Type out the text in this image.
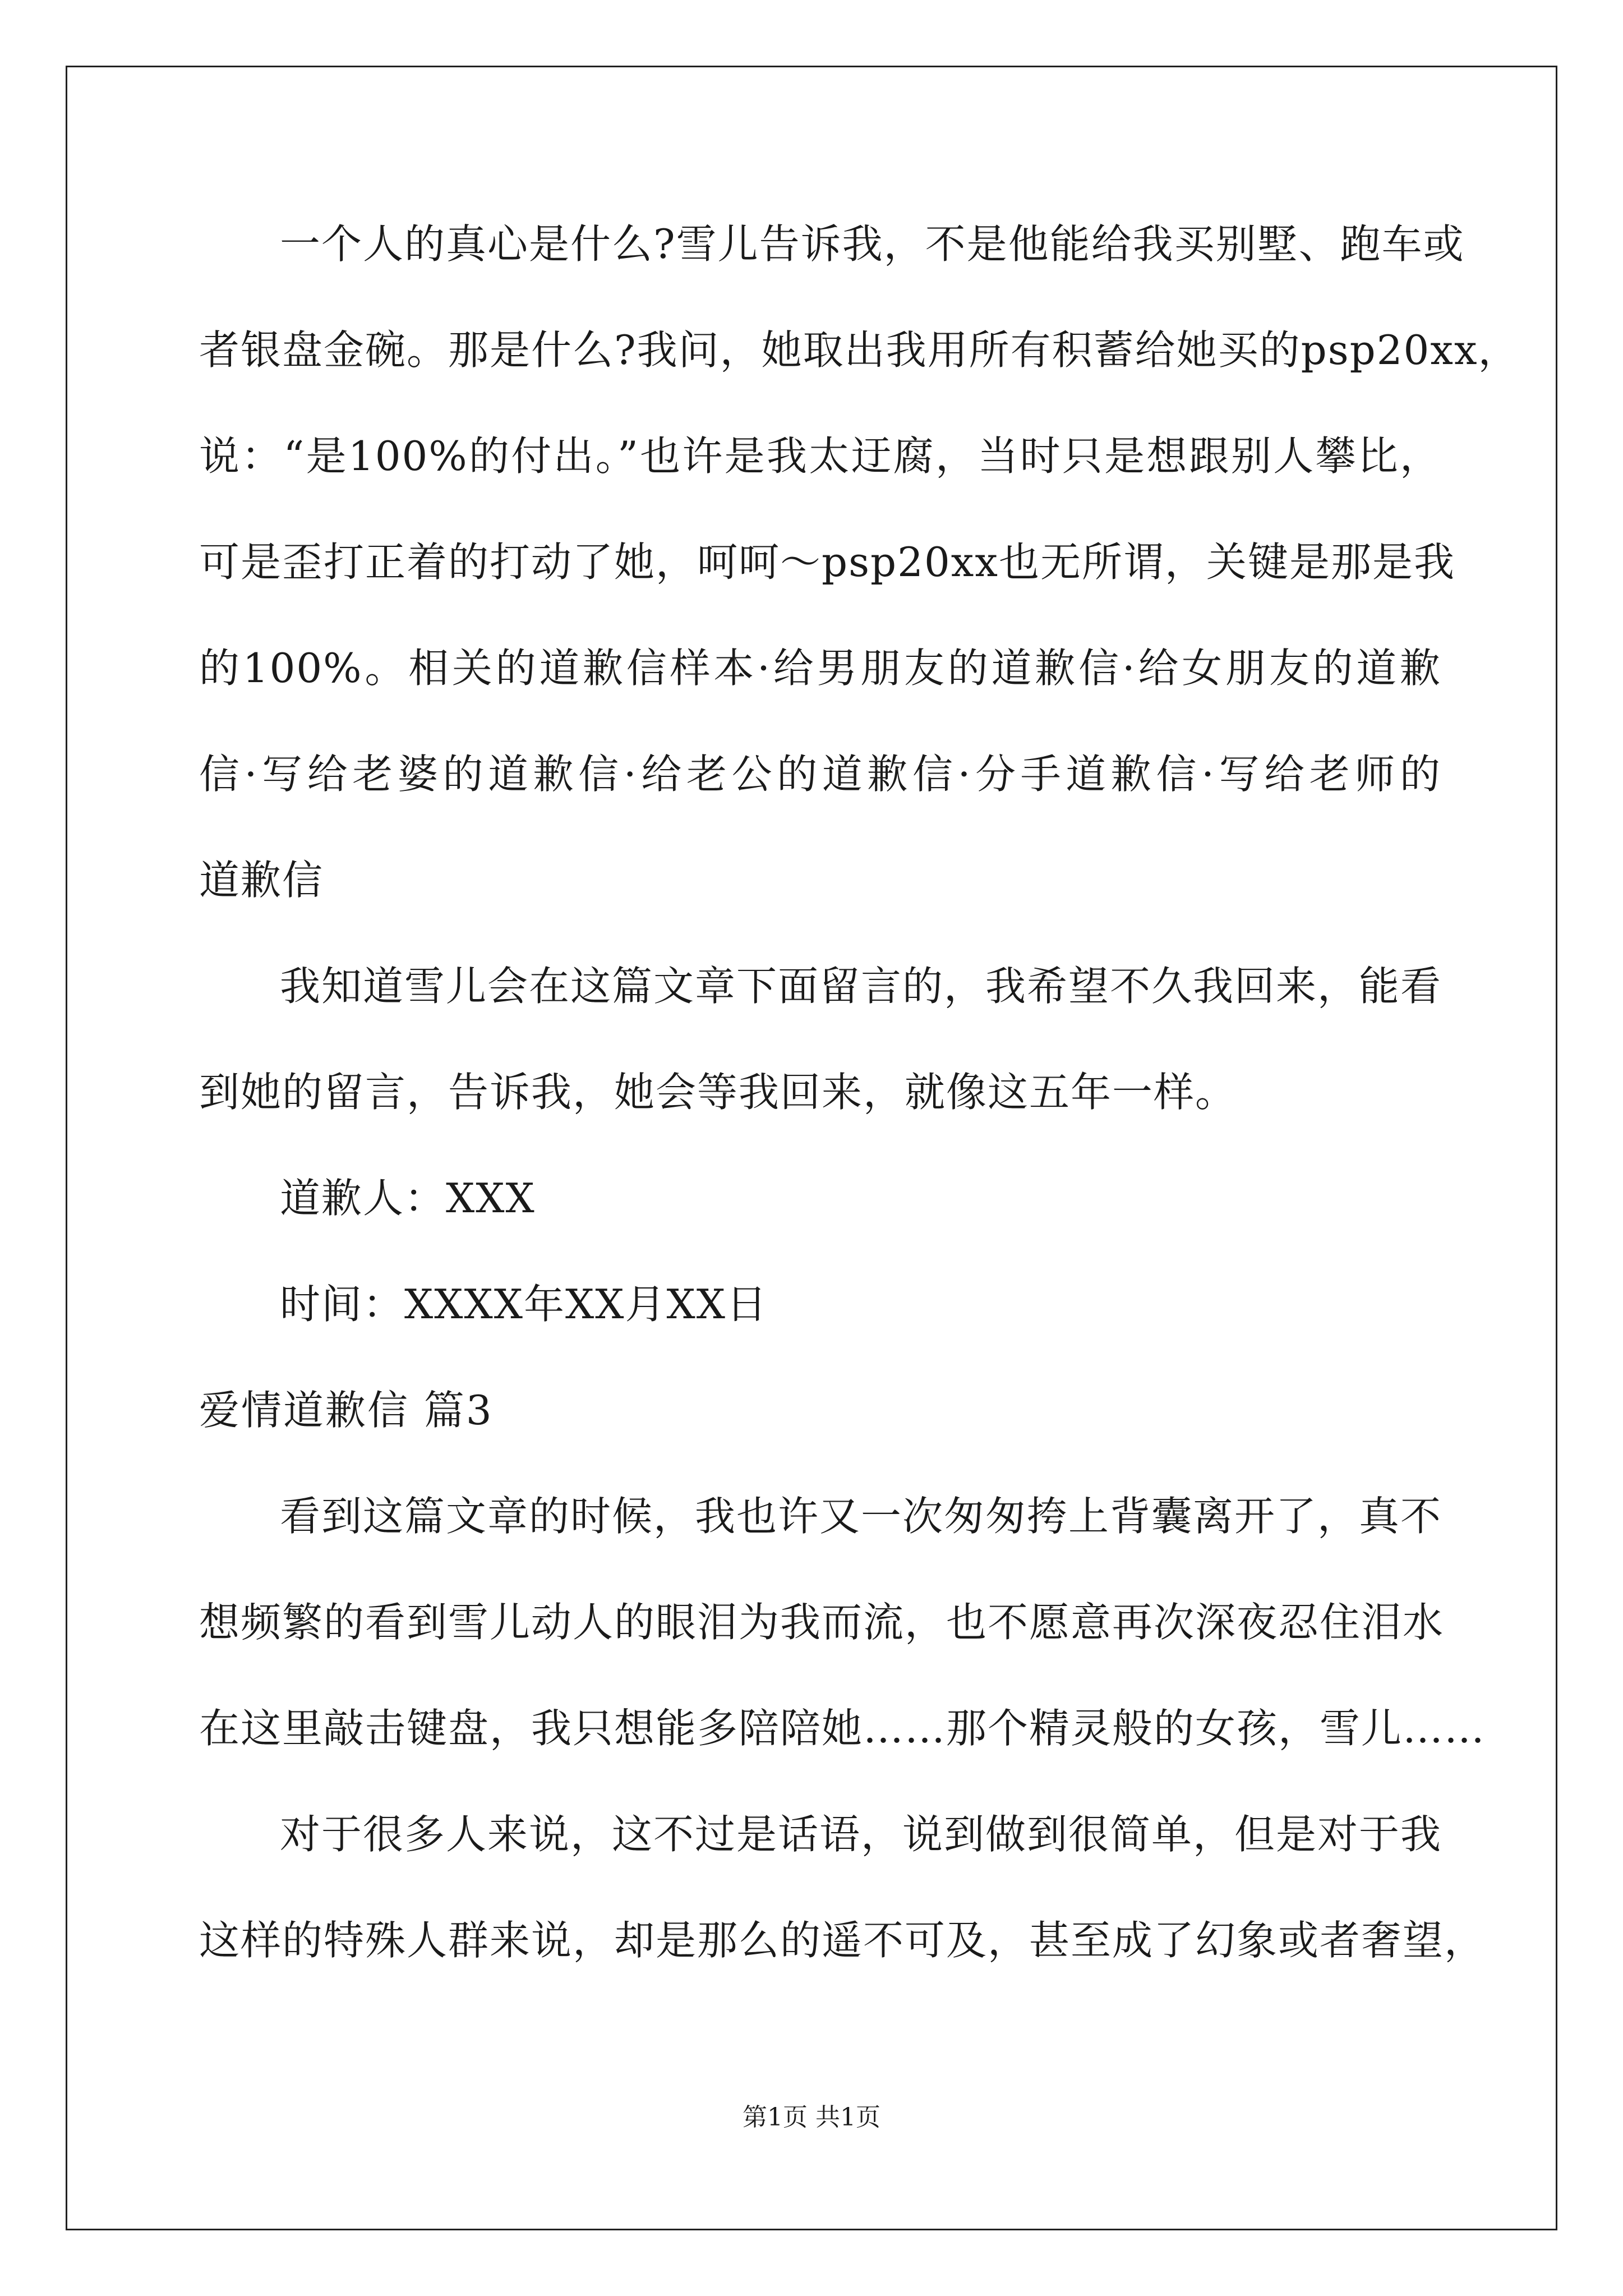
一个人的真心是什么?雪儿告诉我，不是他能给我买别墅、跑车或
者银盘金碗。那是什么?我问，她取出我用所有积蓄给她买的psp20xx，
说：“是100%的付出。”也许是我太迂腐，当时只是想跟别人攀比，
可是歪打正着的打动了她，呵呵～psp20xx也无所谓，关键是那是我
的100%。相关的道歉信样本·给男朋友的道歉信·给女朋友的道歉
信·写给老婆的道歉信·给老公的道歉信·分手道歉信·写给老师的
道歉信
我知道雪儿会在这篇文章下面留言的，我希望不久我回来，能看
到她的留言，告诉我，她会等我回来，就像这五年一样。
道歉人：XXX
时间：XXXX年XX月XX日
爱情道歉信 篇3
看到这篇文章的时候，我也许又一次匆匆挎上背囊离开了，真不
想频繁的看到雪儿动人的眼泪为我而流，也不愿意再次深夜忍住泪水
在这里敲击键盘，我只想能多陪陪她……那个精灵般的女孩，雪儿……
对于很多人来说，这不过是话语，说到做到很简单，但是对于我
这样的特殊人群来说，却是那么的遥不可及，甚至成了幻象或者奢望，
第1页 共1页
